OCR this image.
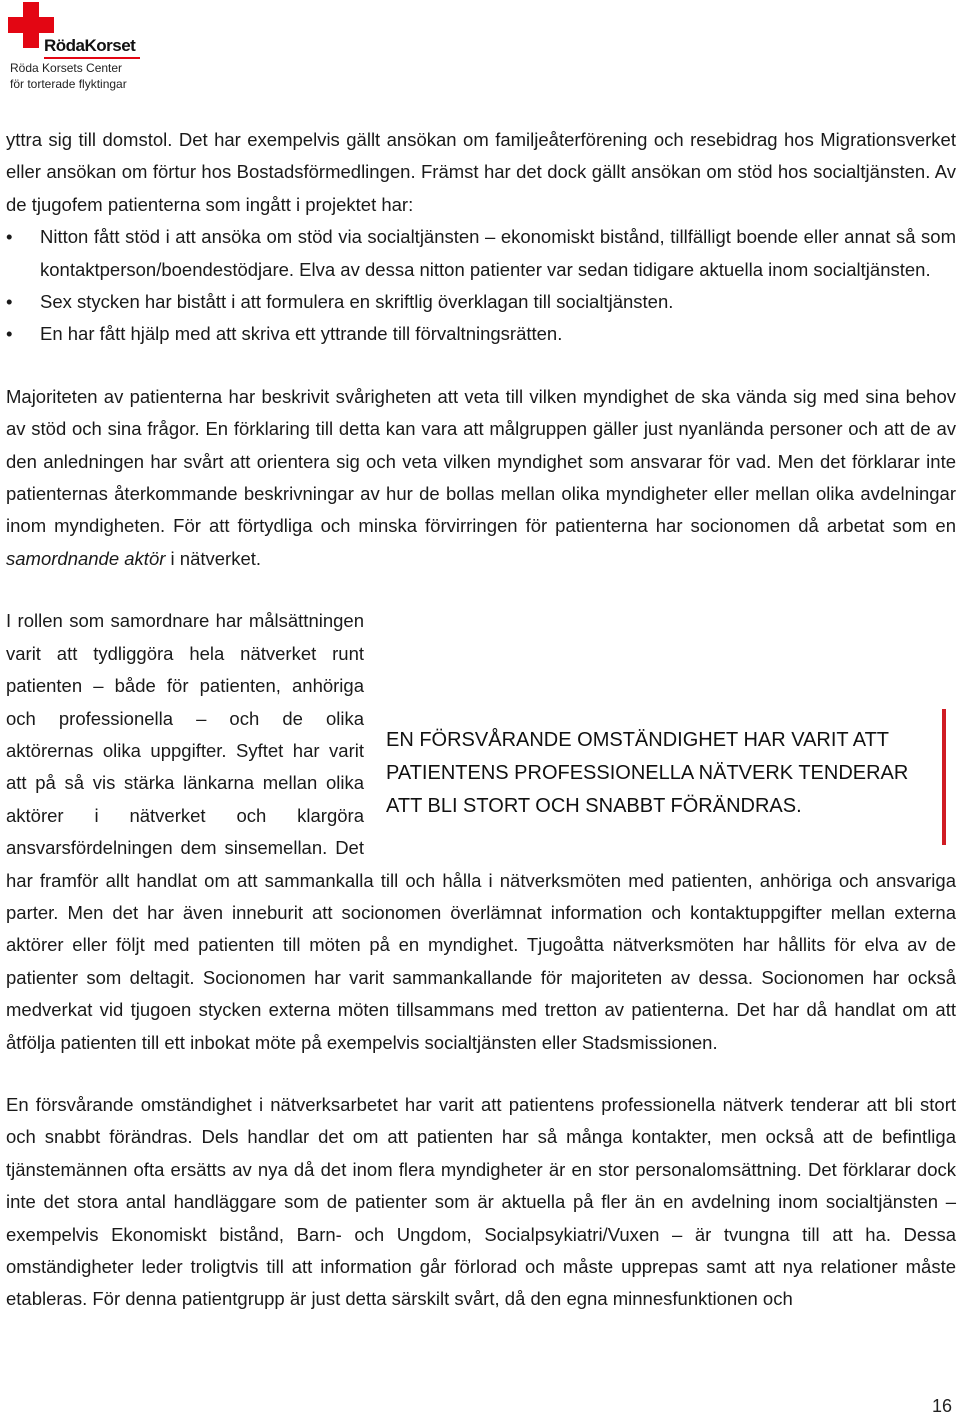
RödaKorset
Röda Korsets Center
för torterade flyktingar

yttra sig till domstol. Det har exempelvis gällt ansökan om familjeåterförening och resebidrag hos Migrationsverket eller ansökan om förtur hos Bostadsförmedlingen. Främst har det dock gällt ansökan om stöd hos socialtjänsten. Av de tjugofem patienterna som ingått i projektet har:

• Nitton fått stöd i att ansöka om stöd via socialtjänsten – ekonomiskt bistånd, tillfälligt boende eller annat så som kontaktperson/boendestödjare. Elva av dessa nitton patienter var sedan tidigare aktuella inom socialtjänsten.
• Sex stycken har bistått i att formulera en skriftlig överklagan till socialtjänsten.
• En har fått hjälp med att skriva ett yttrande till förvaltningsrätten.

Majoriteten av patienterna har beskrivit svårigheten att veta till vilken myndighet de ska vända sig med sina behov av stöd och sina frågor. En förklaring till detta kan vara att målgruppen gäller just nyanlända personer och att de av den anledningen har svårt att orientera sig och veta vilken myndighet som ansvarar för vad. Men det förklarar inte patienternas återkommande beskrivningar av hur de bollas mellan olika myndigheter eller mellan olika avdelningar inom myndigheten. För att förtydliga och minska förvirringen för patienterna har socionomen då arbetat som en samordnande aktör i nätverket.

EN FÖRSVÅRANDE OMSTÄNDIGHET HAR VARIT ATT PATIENTENS PROFESSIONELLA NÄTVERK TENDERAR ATT BLI STORT OCH SNABBT FÖRÄNDRAS.
I rollen som samordnare har målsättningen varit att tydliggöra hela nätverket runt patienten – både för patienten, anhöriga och professionella – och de olika aktörernas olika uppgifter. Syftet har varit att på så vis stärka länkarna mellan olika aktörer i nätverket och klargöra ansvarsfördelningen dem sinsemellan. Det har framför allt handlat om att sammankalla till och hålla i nätverksmöten med patienten, anhöriga och ansvariga parter. Men det har även inneburit att socionomen överlämnat information och kontaktuppgifter mellan externa aktörer eller följt med patienten till möten på en myndighet. Tjugoåtta nätverksmöten har hållits för elva av de patienter som deltagit. Socionomen har varit sammankallande för majoriteten av dessa. Socionomen har också medverkat vid tjugoen stycken externa möten tillsammans med tretton av patienterna. Det har då handlat om att åtfölja patienten till ett inbokat möte på exempelvis socialtjänsten eller Stadsmissionen.

En försvårande omständighet i nätverksarbetet har varit att patientens professionella nätverk tenderar att bli stort och snabbt förändras. Dels handlar det om att patienten har så många kontakter, men också att de befintliga tjänstemännen ofta ersätts av nya då det inom flera myndigheter är en stor personalomsättning. Det förklarar dock inte det stora antal handläggare som de patienter som är aktuella på fler än en avdelning inom socialtjänsten – exempelvis Ekonomiskt bistånd, Barn- och Ungdom, Socialpsykiatri/Vuxen – är tvungna till att ha. Dessa omständigheter leder troligtvis till att information går förlorad och måste upprepas samt att nya relationer måste etableras. För denna patientgrupp är just detta särskilt svårt, då den egna minnesfunktionen och

16
